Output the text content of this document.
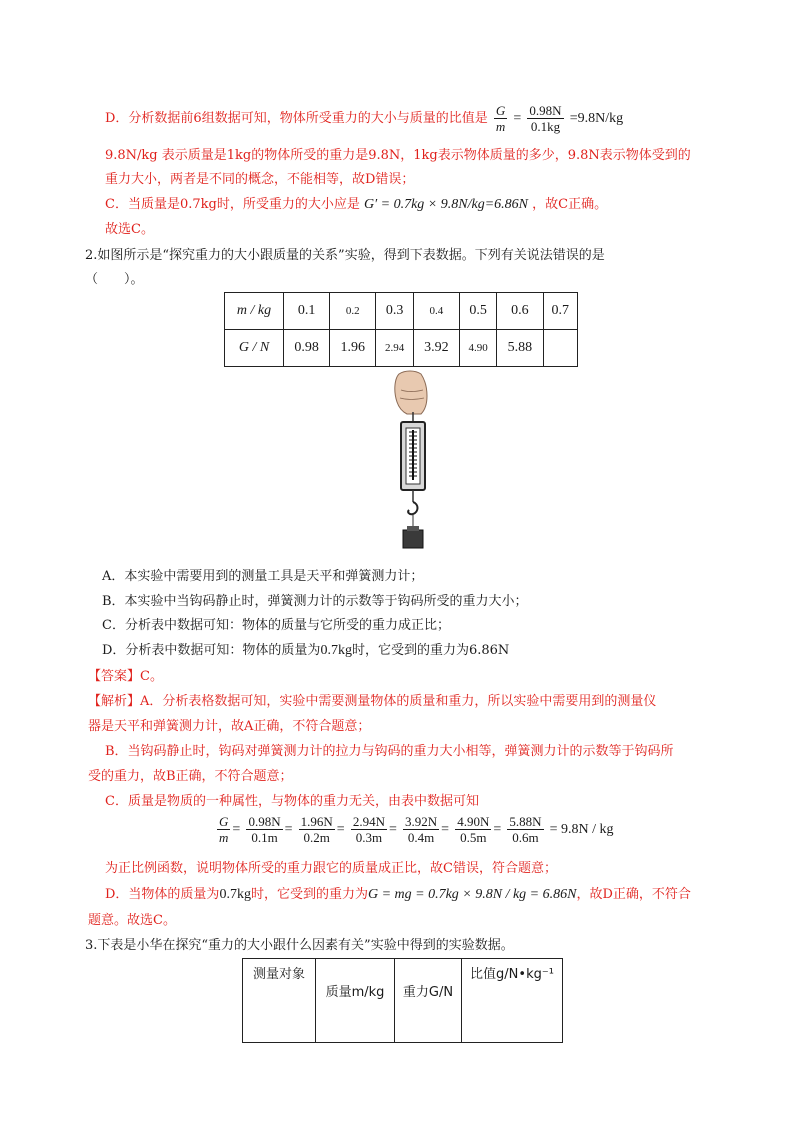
D．分析数据前6组数据可知，物体所受重力的大小与质量的比值是 $\frac{G}{m} = \frac{0.98N}{0.1kg} =9.8N/kg$
9.8N/kg 表示质量是1kg的物体所受的重力是9.8N，1kg表示物体质量的多少，9.8N表示物体受到的
重力大小，两者是不同的概念，不能相等，故D错误；
C．当质量是0.7kg时，所受重力的大小应是 G′ = 0.7kg × 9.8N/kg=6.86N ，故C正确。
故选C。
2.如图所示是“探究重力的大小跟质量的关系”实验，得到下表数据。下列有关说法错误的是
（　　）。
m / kg	0.1	0.2	0.3	0.4	0.5	0.6	0.7
G / N	0.98	1.96	2.94	3.92	4.90	5.88	
A．本实验中需要用到的测量工具是天平和弹簧测力计；
B．本实验中当钩码静止时，弹簧测力计的示数等于钩码所受的重力大小；
C．分析表中数据可知：物体的质量与它所受的重力成正比；
D．分析表中数据可知：物体的质量为0.7kg时，它受到的重力为6.86N
【答案】C。
【解析】A．分析表格数据可知，实验中需要测量物体的质量和重力，所以实验中需要用到的测量仪
器是天平和弹簧测力计，故A正确，不符合题意；
B．当钩码静止时，钩码对弹簧测力计的拉力与钩码的重力大小相等，弹簧测力计的示数等于钩码所
受的重力，故B正确，不符合题意；
C．质量是物质的一种属性，与物体的重力无关，由表中数据可知
$\frac{G}{m} = \frac{0.98N}{0.1m} = \frac{1.96N}{0.2m} = \frac{2.94N}{0.3m} = \frac{3.92N}{0.4m} = \frac{4.90N}{0.5m} = \frac{5.88N}{0.6m} = 9.8N$ / kg
为正比例函数，说明物体所受的重力跟它的质量成正比，故C错误，符合题意；
D．当物体的质量为0.7kg时，它受到的重力为G = mg = 0.7kg × 9.8N / kg = 6.86N，故D正确，不符合
题意。故选C。
3.下表是小华在探究“重力的大小跟什么因素有关”实验中得到的实验数据。
测量对象	质量m/kg	重力G/N	比值g/N•kg⁻¹
